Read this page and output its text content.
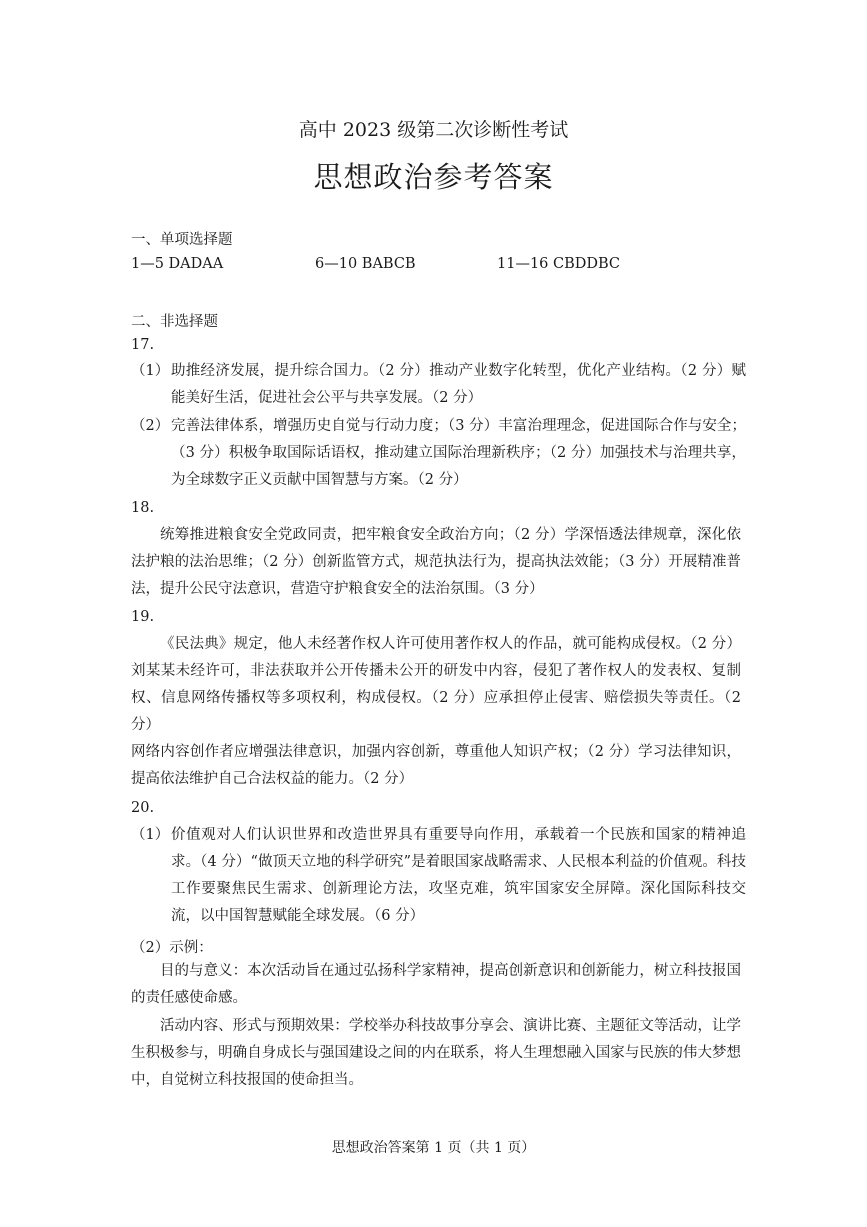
高中 2023 级第二次诊断性考试
思想政治参考答案
一、单项选择题
1—5 DADAA	6—10 BABCB	11—16 CBDDBC
二、非选择题
17.
（1） 助推经济发展，提升综合国力。（2 分）推动产业数字化转型，优化产业结构。（2 分）赋能美好生活，促进社会公平与共享发展。（2 分）
（2） 完善法律体系，增强历史自觉与行动力度；（3 分）丰富治理理念，促进国际合作与安全；（3 分）积极争取国际话语权，推动建立国际治理新秩序；（2 分）加强技术与治理共享，为全球数字正义贡献中国智慧与方案。（2 分）
18.
统筹推进粮食安全党政同责，把牢粮食安全政治方向；（2 分）学深悟透法律规章，深化依法护粮的法治思维；（2 分）创新监管方式，规范执法行为，提高执法效能；（3 分）开展精准普法，提升公民守法意识，营造守护粮食安全的法治氛围。（3 分）
19.
《民法典》规定，他人未经著作权人许可使用著作权人的作品，就可能构成侵权。（2 分）刘某某未经许可，非法获取并公开传播未公开的研发中内容，侵犯了著作权人的发表权、复制权、信息网络传播权等多项权利，构成侵权。（2 分）应承担停止侵害、赔偿损失等责任。（2 分）
网络内容创作者应增强法律意识，加强内容创新，尊重他人知识产权；（2 分）学习法律知识，提高依法维护自己合法权益的能力。（2 分）
20.
（1） 价值观对人们认识世界和改造世界具有重要导向作用，承载着一个民族和国家的精神追求。（4 分）“做顶天立地的科学研究”是着眼国家战略需求、人民根本利益的价值观。科技工作要聚焦民生需求、创新理论方法，攻坚克难，筑牢国家安全屏障。深化国际科技交流，以中国智慧赋能全球发展。（6 分）
（2）示例：
目的与意义：本次活动旨在通过弘扬科学家精神，提高创新意识和创新能力，树立科技报国的责任感使命感。
活动内容、形式与预期效果：学校举办科技故事分享会、演讲比赛、主题征文等活动，让学生积极参与，明确自身成长与强国建设之间的内在联系，将人生理想融入国家与民族的伟大梦想中，自觉树立科技报国的使命担当。
思想政治答案第 1 页（共 1 页）
